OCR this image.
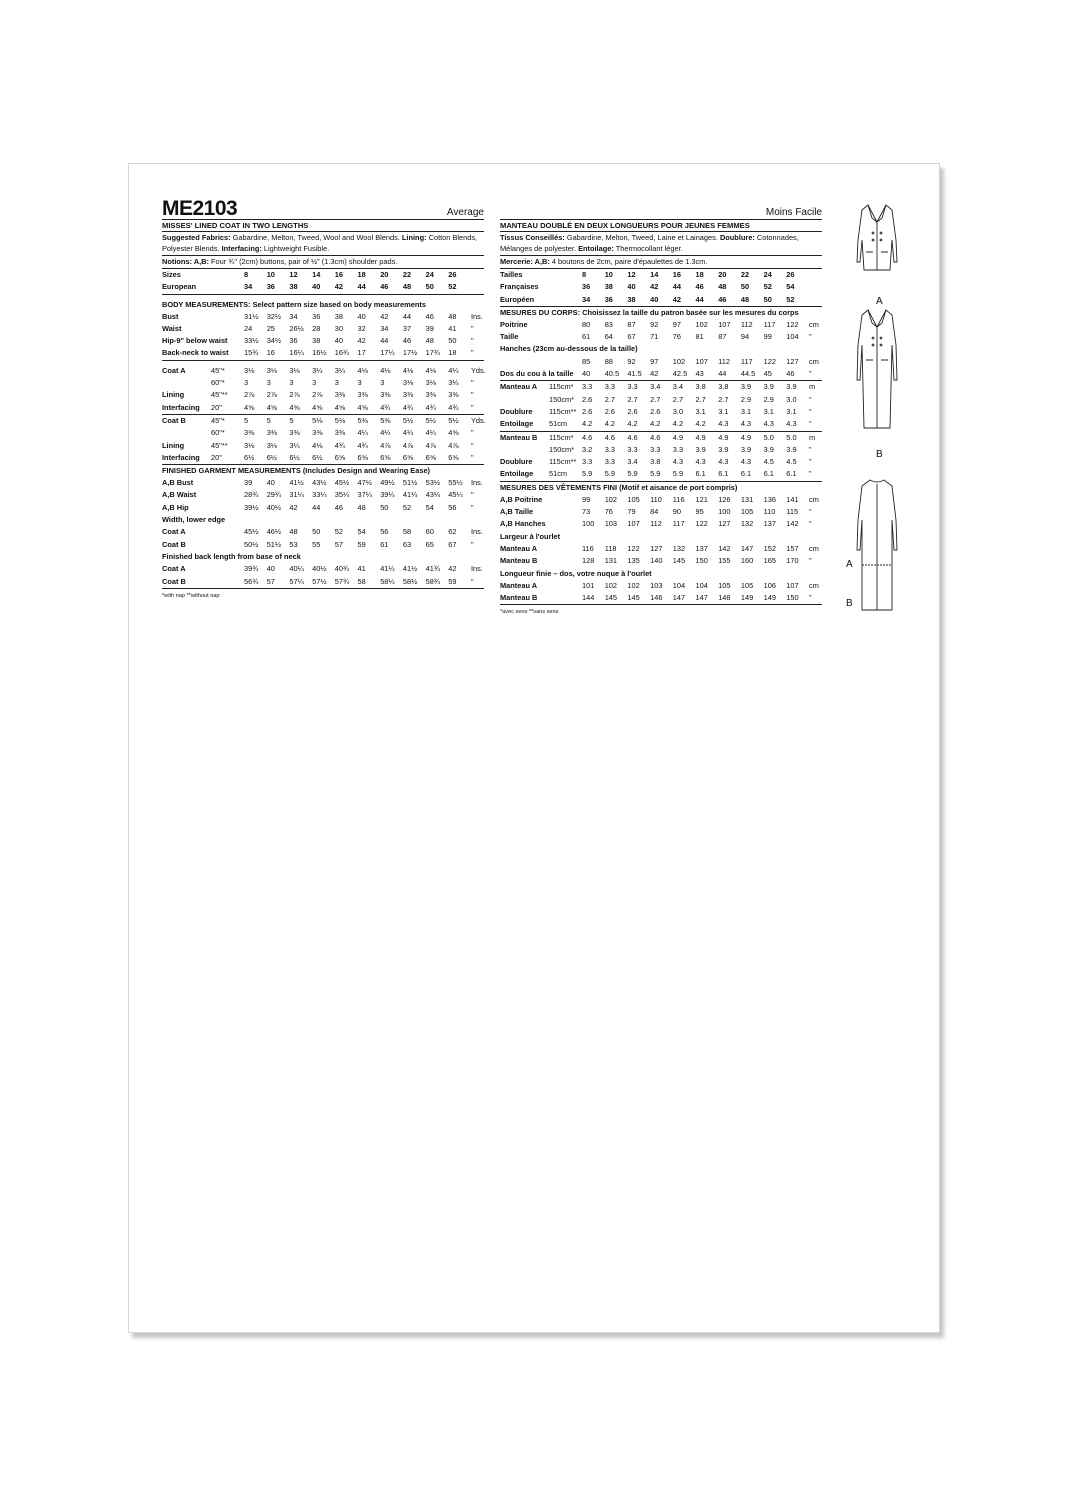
ME2103	Average
MISSES' LINED COAT IN TWO LENGTHS
Suggested Fabrics: Gabardine, Melton, Tweed, Wool and Wool Blends. Lining: Cotton Blends, Polyester Blends. Interfacing: Lightweight Fusible.
Notions: A,B: Four ¾" (2cm) buttons, pair of ½" (1.3cm) shoulder pads.
Sizes	8	10 12 14 16 18 20 22 24 26
European	34 36 38 40 42 44 46 48 50 52
BODY MEASUREMENTS: Select pattern size based on body measurements
Bust	31½ 32½ 34 36 38 40 42 44 46 48 Ins.
Waist	24 25 26½ 28 30 32 34 37 39 41 "
Hip-9" below waist 33½ 34½ 36 38 40 42 44 46 48 50 "
Back-neck to waist 15¾ 16 16¼ 16½ 16¾ 17 17¼ 17½ 17¾ 18 "
Coat A	45"*	3⅛ 3⅛ 3⅛ 3¼ 3¼ 4⅛ 4⅛ 4⅛ 4⅛ 4¼ Yds.
60"*	3	3	3	3	3	3	3	3⅛ 3⅛ 3¼ "
Lining	45"** 2⅞ 2⅞ 2⅞ 2⅞ 3⅜ 3⅜ 3⅜ 3⅜ 3⅜ 3⅜ "
Interfacing 20"	4⅝ 4⅝ 4⅝ 4⅝ 4⅝ 4⅝ 4¾ 4¾ 4¾ 4¾ "
Coat B	45"*	5	5	5	5⅛ 5⅛ 5⅜ 5⅜ 5½ 5½ 5½ Yds.
60"*	3⅜ 3⅜ 3⅜ 3⅜ 3⅜ 4¼ 4¼ 4¼ 4¼ 4⅝ "
Lining	45"** 3⅛ 3⅛ 3¼ 4⅛ 4¾ 4¾ 4⅞ 4⅞ 4⅞ 4⅞ "
Interfacing 20"	6½ 6½ 6½ 6½ 6⅝ 6⅝ 6⅝ 6⅝ 6⅝ 6⅝ "
FINISHED GARMENT MEASUREMENTS (Includes Design and Wearing Ease)
A,B Bust	39 40 41½ 43½ 45½ 47½ 49½ 51½ 53½ 55½ Ins.
A,B Waist	28¾ 29¾ 31¼ 33¼ 35¼ 37¼ 39¼ 41¼ 43¼ 45¼ "
A,B Hip	39½ 40½ 42 44 46 48 50 52 54 56 "
Width, lower edge
Coat A	45½ 46½ 48 50 52 54 56 58 60 62 Ins.
Coat B	50½ 51½ 53 55 57 59 61 63 65 67 "
Finished back length from base of neck
Coat A	39¾ 40 40¼ 40½ 40¾ 41 41¼ 41½ 41¾ 42 Ins.
Coat B	56¾ 57 57¼ 57½ 57¾ 58 58¼ 58½ 58¾ 59 "
*with nap **without nap
Moins Facile
MANTEAU DOUBLÉ EN DEUX LONGUEURS POUR JEUNES FEMMES
Tissus Conseillés: Gabardine, Melton, Tweed, Laine et Lainages. Doublure: Cotonnades, Mélanges de polyester. Entoilage: Thermocollant léger.
Mercerie: A,B: 4 boutons de 2cm, paire d'épaulettes de 1.3cm.
Tailles	8	10 12 14 16 18 20 22 24 26
Françaises	36 38 40 42 44 46 48 50 52 54
Européen	34 36 38 40 42 44 46 48 50 52
MESURES DU CORPS: Choisissez la taille du patron basée sur les mesures du corps
Poitrine	80 83 87 92 97 102 107 112 117 122 cm
Taille	61 64 67 71 76 81 87 94 99 104 "
Hanches (23cm au-dessous de la taille)
85 88 92 97 102 107 112 117 122 127 cm
Dos du cou à la taille 40 40.5 41.5 42 42.5 43 44 44.5 45 46 "
Manteau A 115cm* 3.3 3.3 3.3 3.4 3.4 3.8 3.8 3.9 3.9 3.9 m
150cm* 2.6 2.7 2.7 2.7 2.7 2.7 2.7 2.9 2.9 3.0 "
Doublure 115cm** 2.6 2.6 2.6 2.6 3.0 3.1 3.1 3.1 3.1 3.1 "
Entoilage 51cm 4.2 4.2 4.2 4.2 4.2 4.2 4.3 4.3 4.3 4.3 "
Manteau B 115cm* 4.6 4.6 4.6 4.6 4.9 4.9 4.9 4.9 5.0 5.0 m
150cm* 3.2 3.3 3.3 3.3 3.3 3.9 3.9 3.9 3.9 3.9 "
Doublure 115cm** 3.3 3.3 3.4 3.8 4.3 4.3 4.3 4.3 4.5 4.5 "
Entoilage 51cm 5.9 5.9 5.9 5.9 5.9 6.1 6.1 6.1 6.1 6.1 "
MESURES DES VÊTEMENTS FINI (Motif et aisance de port compris)
A,B Poitrine	99 102 105 110 116 121 126 131 136 141 cm
A,B Taille	73 76 79 84 90 95 100 105 110 115 "
A,B Hanches	100 103 107 112 117 122 127 132 137 142 "
Largeur à l'ourlet
Manteau A	116 118 122 127 132 137 142 147 152 157 cm
Manteau B	128 131 135 140 145 150 155 160 165 170 "
Longueur finie – dos, votre nuque à l'ourlet
Manteau A	101 102 102 103 104 104 105 105 106 107 cm
Manteau B	144 145 145 146 147 147 148 149 149 150 "
*avec sens **sans sens
A
B
A
B
